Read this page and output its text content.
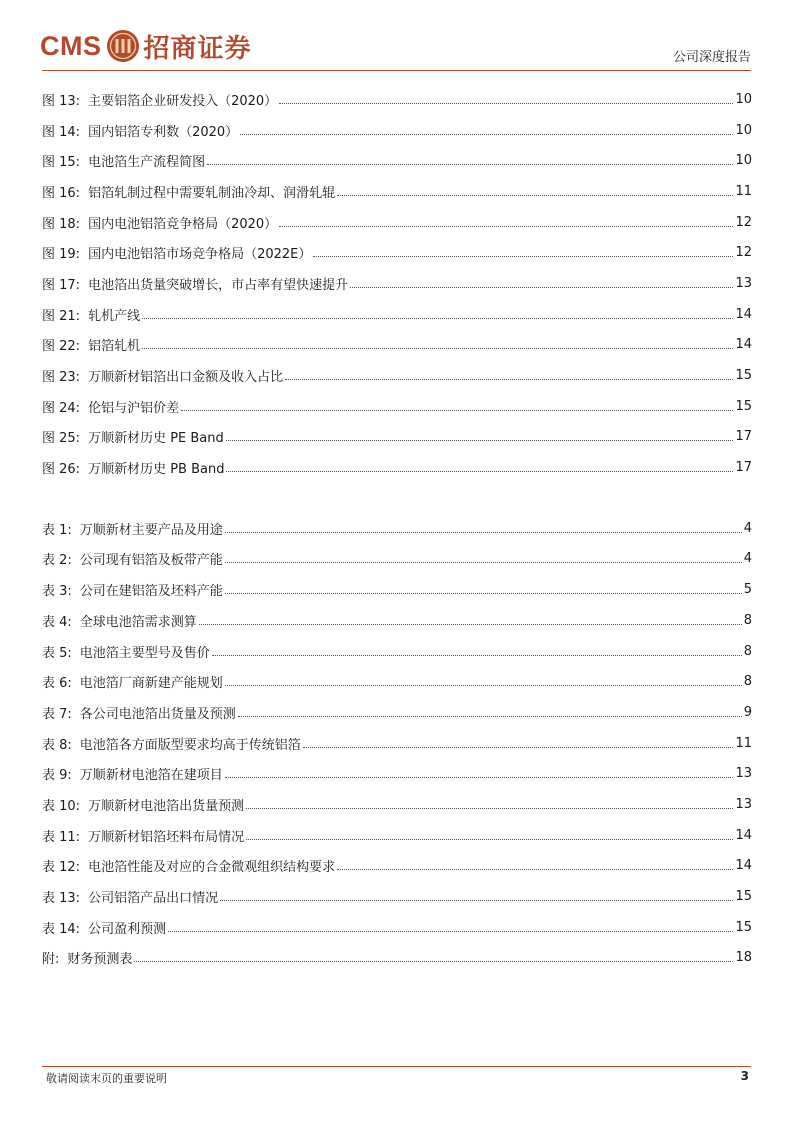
CMS 招商证券	公司深度报告
图 13: 主要铝箔企业研发投入（2020）	10
图 14: 国内铝箔专利数（2020）	10
图 15: 电池箔生产流程简图	10
图 16: 铝箔轧制过程中需要轧制油冷却、润滑轧辊	11
图 18: 国内电池铝箔竞争格局（2020）	12
图 19: 国内电池铝箔市场竞争格局（2022E）	12
图 17: 电池箔出货量突破增长，市占率有望快速提升	13
图 21: 轧机产线	14
图 22: 铝箔轧机	14
图 23: 万顺新材铝箔出口金额及收入占比	15
图 24: 伦铝与沪铝价差	15
图 25: 万顺新材历史 PE Band	17
图 26: 万顺新材历史 PB Band	17
表 1: 万顺新材主要产品及用途	4
表 2: 公司现有铝箔及板带产能	4
表 3: 公司在建铝箔及坯料产能	5
表 4: 全球电池箔需求测算	8
表 5: 电池箔主要型号及售价	8
表 6: 电池箔厂商新建产能规划	8
表 7: 各公司电池箔出货量及预测	9
表 8: 电池箔各方面版型要求均高于传统铝箔	11
表 9: 万顺新材电池箔在建项目	13
表 10: 万顺新材电池箔出货量预测	13
表 11: 万顺新材铝箔坯料布局情况	14
表 12: 电池箔性能及对应的合金微观组织结构要求	14
表 13: 公司铝箔产品出口情况	15
表 14: 公司盈利预测	15
附: 财务预测表	18
敬请阅读末页的重要说明	3
